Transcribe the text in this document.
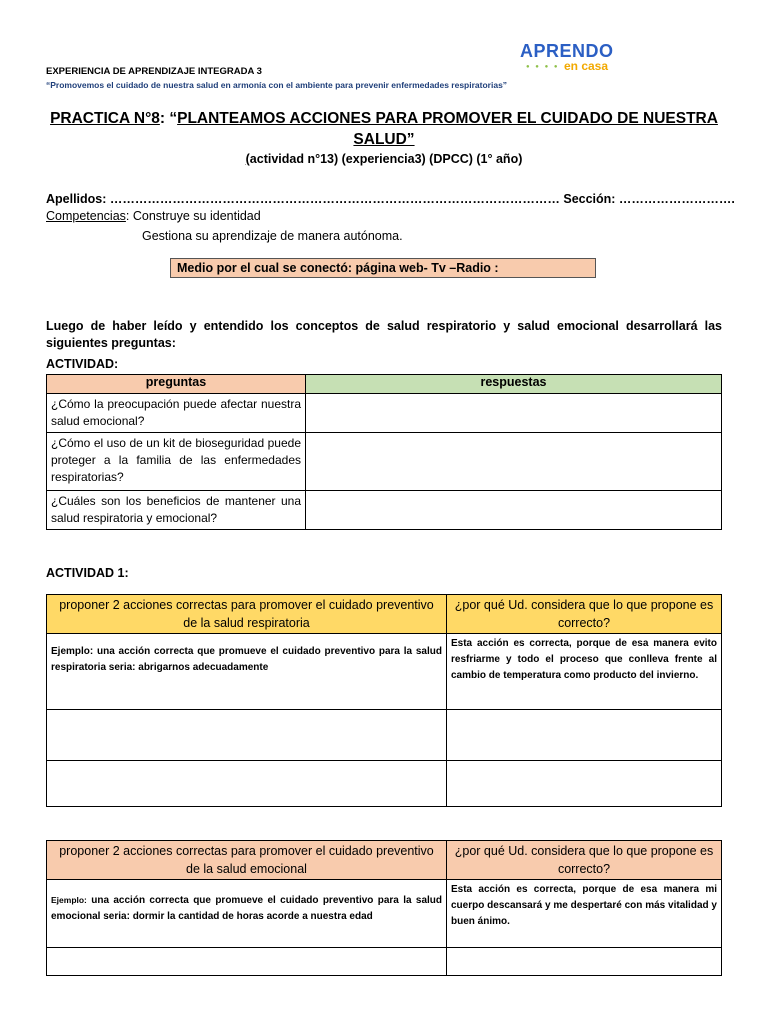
EXPERIENCIA DE APRENDIZAJE INTEGRADA 3
“Promovemos el cuidado de nuestra salud en armonía con el ambiente para prevenir enfermedades respiratorias”
APRENDO
en casa
● ● ● ●
PRACTICA N°8: “PLANTEAMOS ACCIONES PARA PROMOVER EL CUIDADO DE NUESTRA SALUD”
(actividad n°13) (experiencia3) (DPCC) (1° año)
Apellidos: ……………………………………………………………………………………………… Sección: ……………………….
Competencias: Construye su identidad
Gestiona su aprendizaje de manera autónoma.
Medio por el cual se conectó: página web- Tv –Radio :
Luego de haber leído y entendido los conceptos de salud respiratorio y salud emocional desarrollará las siguientes preguntas:
ACTIVIDAD:
preguntas	respuestas
¿Cómo la preocupación puede afectar nuestra salud emocional?	
¿Cómo el uso de un kit de bioseguridad puede proteger a la familia de las enfermedades respiratorias?	
¿Cuáles son los beneficios de mantener una salud respiratoria y emocional?	
ACTIVIDAD 1:
proponer 2 acciones correctas para promover el cuidado preventivo de la salud respiratoria	¿por qué Ud. considera que lo que propone es correcto?
Ejemplo: una acción correcta que promueve el cuidado preventivo para la salud respiratoria seria: abrigarnos adecuadamente	Esta acción es correcta, porque de esa manera evito resfriarme y todo el proceso que conlleva frente al cambio de temperatura como producto del invierno.

proponer 2 acciones correctas para promover el cuidado preventivo de la salud emocional	¿por qué Ud. considera que lo que propone es correcto?
Ejemplo: una acción correcta que promueve el cuidado preventivo para la salud emocional seria: dormir la cantidad de horas acorde a nuestra edad	Esta acción es correcta, porque de esa manera mi cuerpo descansará y me despertaré con más vitalidad y buen ánimo.
